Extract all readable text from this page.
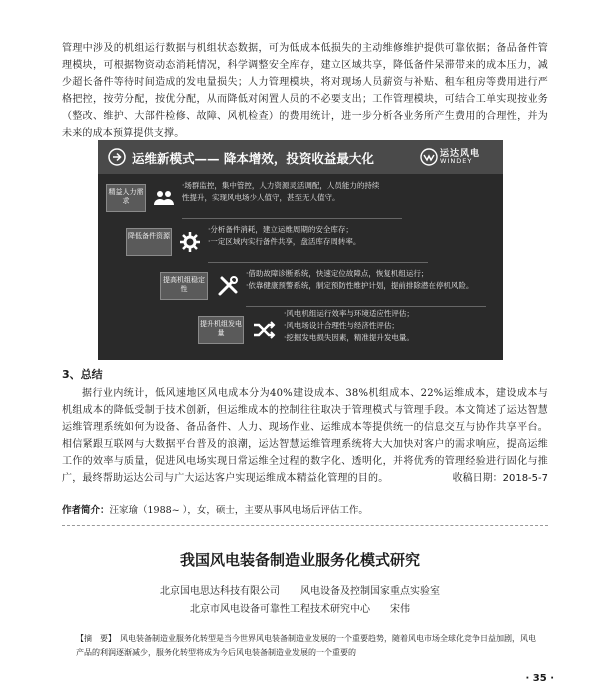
管理中涉及的机组运行数据与机组状态数据，可为低成本低损失的主动维修维护提供可靠依据；备品备件管理模块，可根据物资动态消耗情况，科学调整安全库存，建立区域共享，降低备件呆滞带来的成本压力，减少超长备件等待时间造成的发电量损失；人力管理模块，将对现场人员薪资与补贴、租车租房等费用进行严格把控，按劳分配，按优分配，从而降低对闲置人员的不必要支出；工作管理模块，可结合工单实现按业务（整改、维护、大部件检修、故障、风机检查）的费用统计，进一步分析各业务所产生费用的合理性，并为未来的成本预算提供支撑。

运维新模式—— 降本增效，投资收益最大化	运达风电
WINDEY
精益人力需求
·场群监控，集中管控，人力资源灵活调配，人员能力的持续
性提升，实现风电场少人值守，甚至无人值守。
降低备件资源
·分析备件消耗，建立运维周期的安全库存；
·一定区域内实行备件共享，盘活库存周转率。
提高机组稳定性
·借助故障诊断系统，快速定位故障点，恢复机组运行；
·依靠健康预警系统，制定预防性维护计划，提前排除潜在停机风险。
提升机组发电量
·风电机组运行效率与环境适应性评估；
·风电场设计合理性与经济性评估；
·挖掘发电损失因素，精准提升发电量。
3、总结

据行业内统计，低风速地区风电成本分为40%建设成本、38%机组成本、22%运维成本，建设成本与机组成本的降低受制于技术创新，但运维成本的控制往往取决于管理模式与管理手段。本文简述了运达智慧运维管理系统如何为设备、备品备件、人力、现场作业、运维成本等提供统一的信息交互与协作共享平台。相信紧跟互联网与大数据平台普及的浪潮，运达智慧运维管理系统将大大加快对客户的需求响应，提高运维工作的效率与质量，促进风电场实现日常运维全过程的数字化、透明化，并将优秀的管理经验进行固化与推广，最终帮助运达公司与广大运达客户实现运维成本精益化管理的目的。	收稿日期：2018-5-7

作者简介：汪家瑜（1988~ ），女，硕士，主要从事风电场后评估工作。

我国风电装备制造业服务化模式研究

北京国电思达科技有限公司　　风电设备及控制国家重点实验室

北京市风电设备可靠性工程技术研究中心　　宋伟

【摘　要】　风电装备制造业服务化转型是当今世界风电装备制造业发展的一个重要趋势，随着风电市场全球化竞争日益加剧，风电产品的利润逐渐减少，服务化转型将成为今后风电装备制造业发展的一个重要的

· 35 ·
